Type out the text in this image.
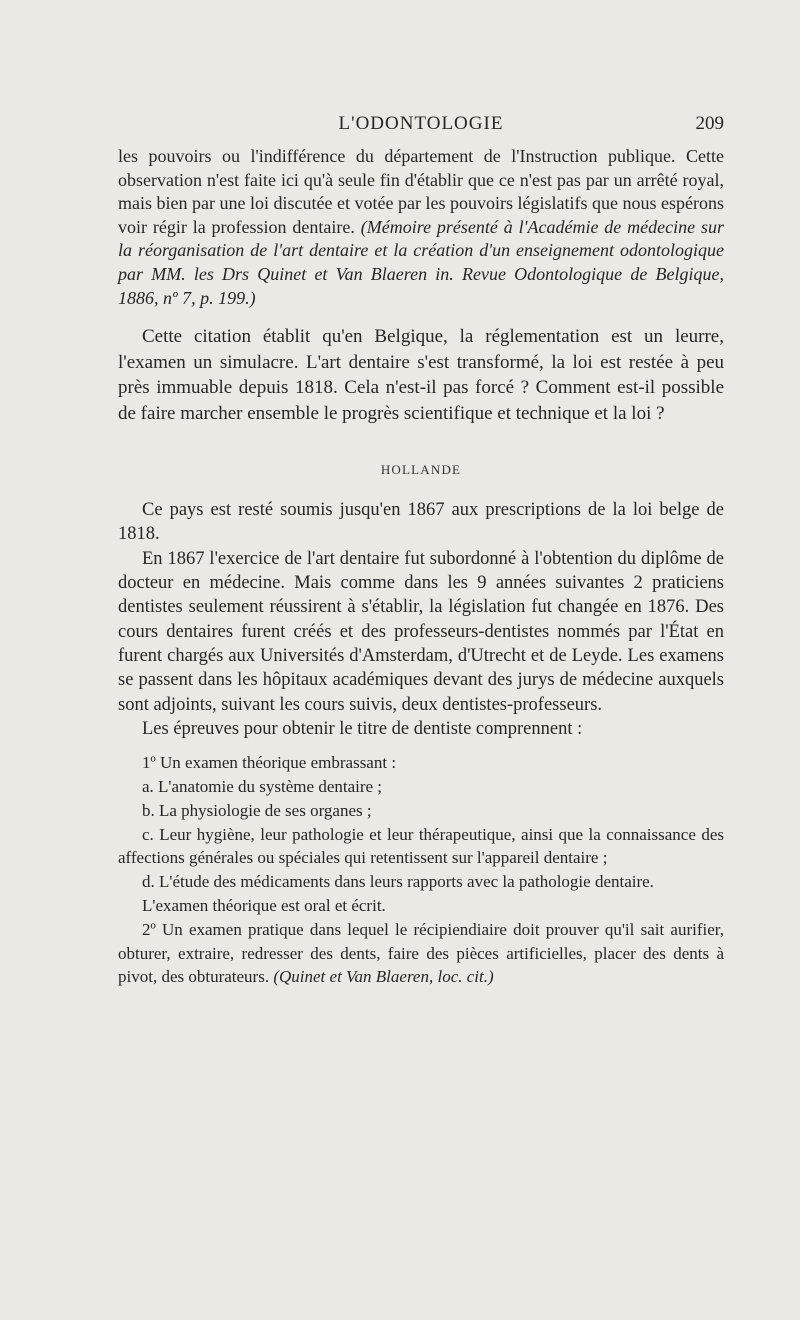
L'ODONTOLOGIE	209

les pouvoirs ou l'indifférence du département de l'Instruction publique. Cette observation n'est faite ici qu'à seule fin d'établir que ce n'est pas par un arrêté royal, mais bien par une loi discutée et votée par les pouvoirs législatifs que nous espérons voir régir la profession dentaire. (Mémoire présenté à l'Académie de médecine sur la réorganisation de l'art dentaire et la création d'un enseignement odontologique par MM. les Drs Quinet et Van Blaeren in. Revue Odontologique de Belgique, 1886, nº 7, p. 199.)

Cette citation établit qu'en Belgique, la réglementation est un leurre, l'examen un simulacre. L'art dentaire s'est transformé, la loi est restée à peu près immuable depuis 1818. Cela n'est-il pas forcé ? Comment est-il possible de faire marcher ensemble le progrès scientifique et technique et la loi ?

HOLLANDE

Ce pays est resté soumis jusqu'en 1867 aux prescriptions de la loi belge de 1818.

En 1867 l'exercice de l'art dentaire fut subordonné à l'obtention du diplôme de docteur en médecine. Mais comme dans les 9 années suivantes 2 praticiens dentistes seulement réussirent à s'établir, la législation fut changée en 1876. Des cours dentaires furent créés et des professeurs-dentistes nommés par l'État en furent chargés aux Universités d'Amsterdam, d'Utrecht et de Leyde. Les examens se passent dans les hôpitaux académiques devant des jurys de médecine auxquels sont adjoints, suivant les cours suivis, deux dentistes-professeurs.

Les épreuves pour obtenir le titre de dentiste comprennent :

1º Un examen théorique embrassant :

a. L'anatomie du système dentaire ;

b. La physiologie de ses organes ;

c. Leur hygiène, leur pathologie et leur thérapeutique, ainsi que la connaissance des affections générales ou spéciales qui retentissent sur l'appareil dentaire ;

d. L'étude des médicaments dans leurs rapports avec la pathologie dentaire.

L'examen théorique est oral et écrit.

2º Un examen pratique dans lequel le récipiendiaire doit prouver qu'il sait aurifier, obturer, extraire, redresser des dents, faire des pièces artificielles, placer des dents à pivot, des obturateurs. (Quinet et Van Blaeren, loc. cit.)
